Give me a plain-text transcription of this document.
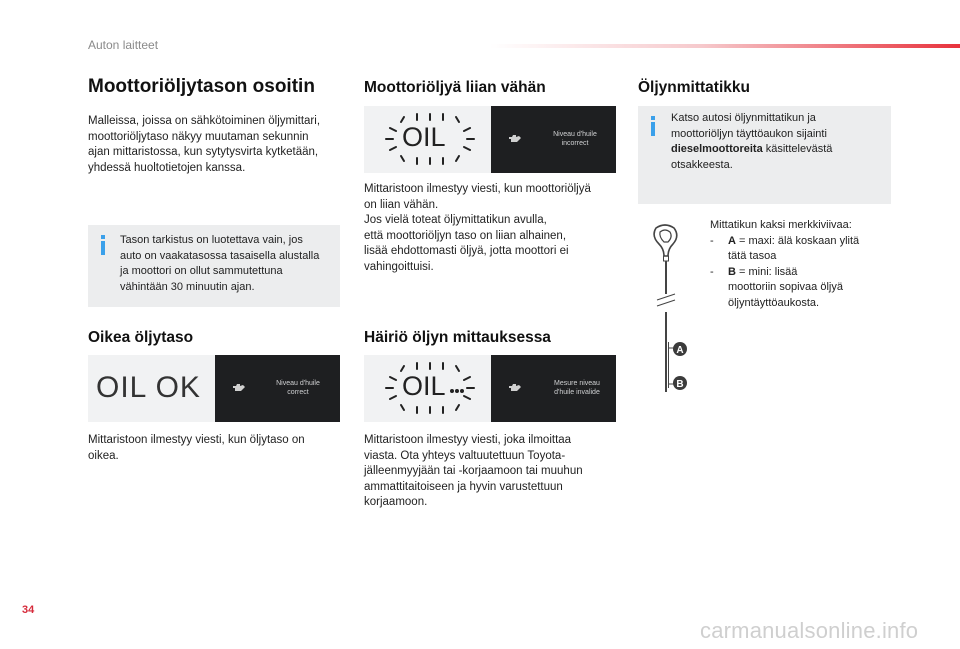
Auton laitteet
Moottoriöljytason osoitin
Malleissa, joissa on sähkötoiminen öljymittari,
moottoriöljytaso näkyy muutaman sekunnin
ajan mittaristossa, kun sytytysvirta kytketään,
yhdessä huoltotietojen kanssa.
Tason tarkistus on luotettava vain, jos
auto on vaakatasossa tasaisella alustalla
ja moottori on ollut sammutettuna
vähintään 30 minuutin ajan.
Oikea öljytaso
OIL OK	Niveau d'huile
correct
Mittaristoon ilmestyy viesti, kun öljytaso on
oikea.
Moottoriöljyä liian vähän
OIL	Niveau d'huile
incorrect
Mittaristoon ilmestyy viesti, kun moottoriöljyä
on liian vähän.
Jos vielä toteat öljymittatikun avulla,
että moottoriöljyn taso on liian alhainen,
lisää ehdottomasti öljyä, jotta moottori ei
vahingoittuisi.
Häiriö öljyn mittauksessa
OIL	Mesure niveau
d'huile invalide
Mittaristoon ilmestyy viesti, joka ilmoittaa
viasta. Ota yhteys valtuutettuun Toyota-
jälleenmyyjään tai -korjaamoon tai muuhun
ammattitaitoiseen ja hyvin varustettuun
korjaamoon.
Öljynmittatikku
Katso autosi öljynmittatikun ja
moottoriöljyn täyttöaukon sijainti
dieselmoottoreita käsittelevästä
otsakkeesta.
A
B
Mittatikun kaksi merkkiviivaa:
-	A = maxi: älä koskaan ylitä
tätä tasoa
-	B = mini: lisää
moottoriin sopivaa öljyä
öljyntäyttöaukosta.
34
carmanualsonline.info
